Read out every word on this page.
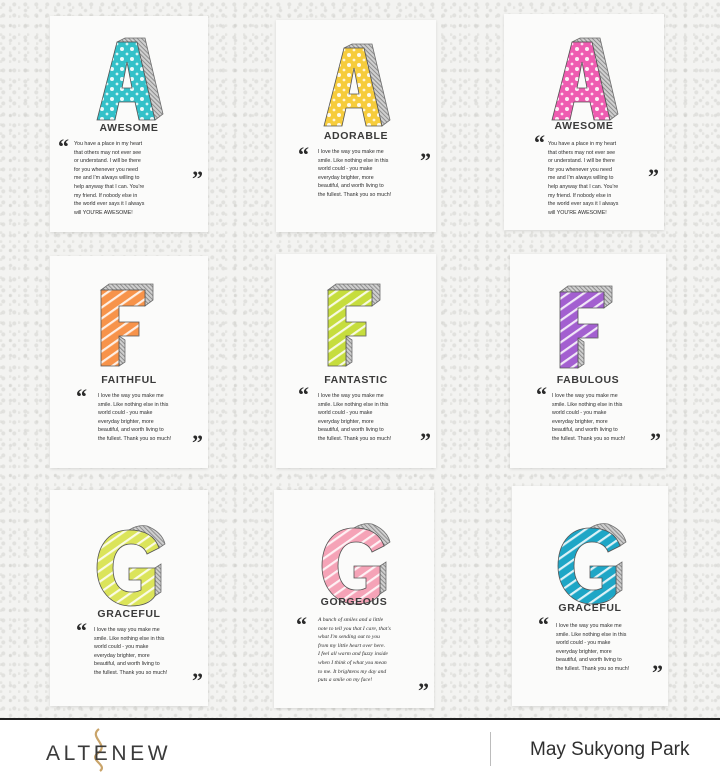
AWESOME
“ You have a place in my heart
that others may not ever see
or understand. I will be there
for you whenever you need
me and I'm always willing to
help anyway that I can. You're
my friend. If nobody else in
the world ever says it I always
will YOU'RE AWESOME!
”
ADORABLE
“ I love the way you make me
smile. Like nothing else in this
world could - you make
everyday brighter, more
beautiful, and worth living to
the fullest. Thank you so much!
”
AWESOME
“ You have a place in my heart
that others may not ever see
or understand. I will be there
for you whenever you need
me and I'm always willing to
help anyway that I can. You're
my friend. If nobody else in
the world ever says it I always
will YOU'RE AWESOME!
”
FAITHFUL
“ I love the way you make me
smile. Like nothing else in this
world could - you make
everyday brighter, more
beautiful, and worth living to
the fullest. Thank you so much! ”
FANTASTIC
“ I love the way you make me
smile. Like nothing else in this
world could - you make
everyday brighter, more
beautiful, and worth living to
the fullest. Thank you so much!	”
FABULOUS
“ I love the way you make me
smile. Like nothing else in this
world could - you make
everyday brighter, more
beautiful, and worth living to
the fullest. Thank you so much!	”
GRACEFUL
“ I love the way you make me
smile. Like nothing else in this
world could - you make
everyday brighter, more
beautiful, and worth living to
the fullest. Thank you so much!	”
GORGEOUS
“ A bunch of smiles and a little
note to tell you that I care, that's
what I'm sending out to you
from my little heart over here.
I feel all warm and fuzzy inside
when I think of what you mean
to me. It brightens my day and
puts a smile on my face!	”
GRACEFUL
“ I love the way you make me
smile. Like nothing else in this
world could - you make
everyday brighter, more
beautiful, and worth living to
the fullest. Thank you so much!	”
ALTENEW	May Sukyong Park
